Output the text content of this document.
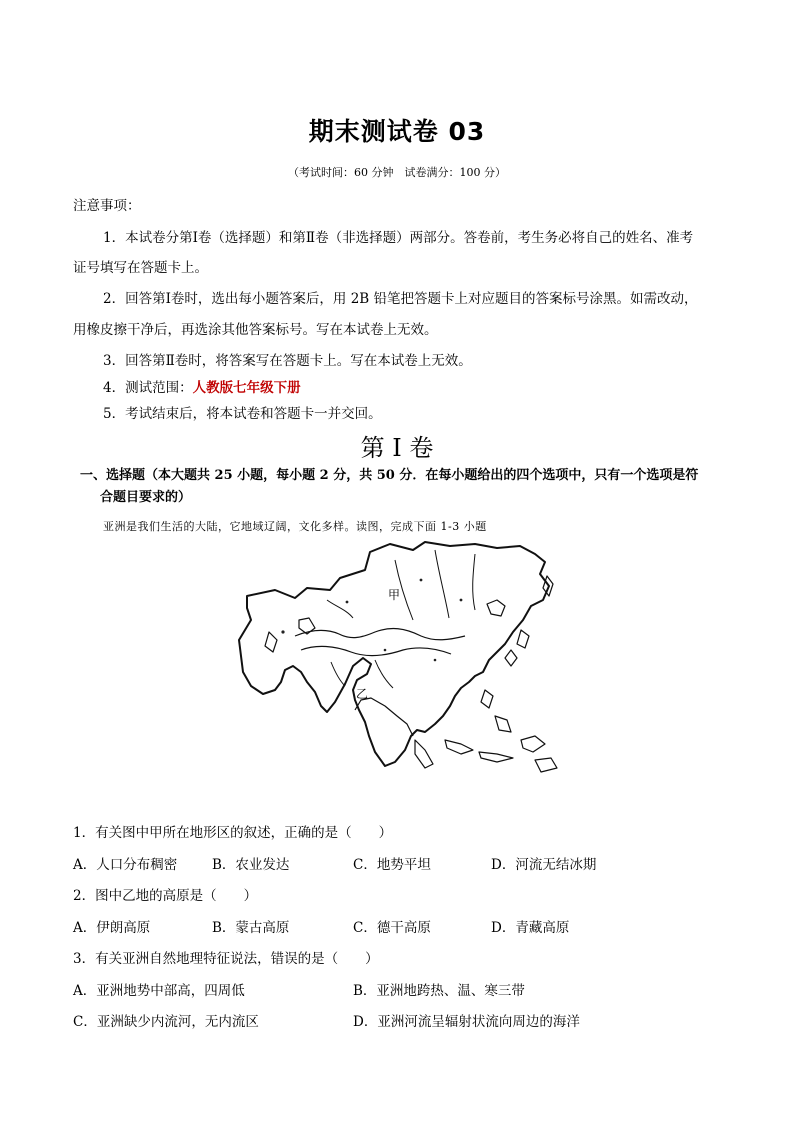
期末测试卷 03
（考试时间：60 分钟　试卷满分：100 分）
注意事项：
1．本试卷分第Ⅰ卷（选择题）和第Ⅱ卷（非选择题）两部分。答卷前，考生务必将自己的姓名、准考
证号填写在答题卡上。
2．回答第Ⅰ卷时，选出每小题答案后，用 2B 铅笔把答题卡上对应题目的答案标号涂黑。如需改动，
用橡皮擦干净后，再选涂其他答案标号。写在本试卷上无效。
3．回答第Ⅱ卷时，将答案写在答题卡上。写在本试卷上无效。
4．测试范围：人教版七年级下册
5．考试结束后，将本试卷和答题卡一并交回。
第 I 卷
一、选择题（本大题共 25 小题，每小题 2 分，共 50 分．在每小题给出的四个选项中，只有一个选项是符
合题目要求的）
亚洲是我们生活的大陆，它地域辽阔，文化多样。读图，完成下面 1-3 小题
甲
乙
1．有关图中甲所在地形区的叙述，正确的是（　　）
A．人口分布稠密	B．农业发达	C．地势平坦	D．河流无结冰期
2．图中乙地的高原是（　　）
A．伊朗高原	B．蒙古高原	C．德干高原	D．青藏高原
3．有关亚洲自然地理特征说法，错误的是（　　）
A．亚洲地势中部高，四周低	B．亚洲地跨热、温、寒三带
C．亚洲缺少内流河，无内流区	D．亚洲河流呈辐射状流向周边的海洋
